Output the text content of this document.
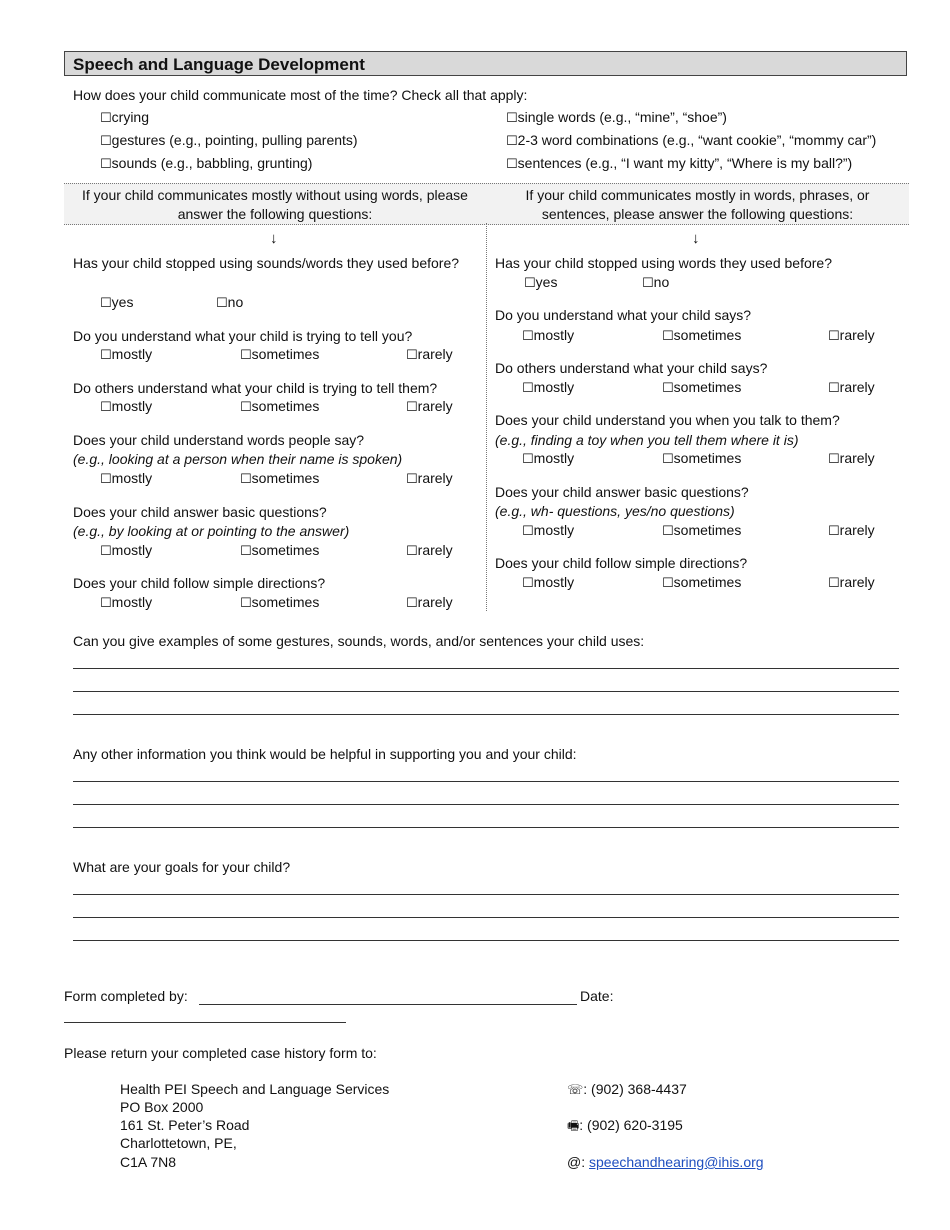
Speech and Language Development
How does your child communicate most of the time? Check all that apply:
☐crying
☐gestures (e.g., pointing, pulling parents)
☐sounds (e.g., babbling, grunting)
☐single words (e.g., “mine”, “shoe”)
☐2-3 word combinations (e.g., “want cookie”, “mommy car”)
☐sentences (e.g., “I want my kitty”, “Where is my ball?”)
If your child communicates mostly without using words, please answer the following questions:
If your child communicates mostly in words, phrases, or sentences, please answer the following questions:
↓	↓
Has your child stopped using sounds/words they used before?
☐yes	☐no
Do you understand what your child is trying to tell you?
☐mostly	☐sometimes	☐rarely
Do others understand what your child is trying to tell them?
☐mostly	☐sometimes	☐rarely
Does your child understand words people say?
(e.g., looking at a person when their name is spoken)
☐mostly	☐sometimes	☐rarely
Does your child answer basic questions?
(e.g., by looking at or pointing to the answer)
☐mostly	☐sometimes	☐rarely
Does your child follow simple directions?
☐mostly	☐sometimes	☐rarely
Has your child stopped using words they used before?
☐yes	☐no
Do you understand what your child says?
☐mostly	☐sometimes	☐rarely
Do others understand what your child says?
☐mostly	☐sometimes	☐rarely
Does your child understand you when you talk to them?
(e.g., finding a toy when you tell them where it is)
☐mostly	☐sometimes	☐rarely
Does your child answer basic questions?
(e.g., wh- questions, yes/no questions)
☐mostly	☐sometimes	☐rarely
Does your child follow simple directions?
☐mostly	☐sometimes	☐rarely
Can you give examples of some gestures, sounds, words, and/or sentences your child uses:
Any other information you think would be helpful in supporting you and your child:
What are your goals for your child?
Form completed by:	Date:
Please return your completed case history form to:
Health PEI Speech and Language Services
PO Box 2000
161 St. Peter’s Road
Charlottetown, PE,
C1A 7N8
☏: (902) 368-4437
🖷: (902) 620-3195
@: speechandhearing@ihis.org
